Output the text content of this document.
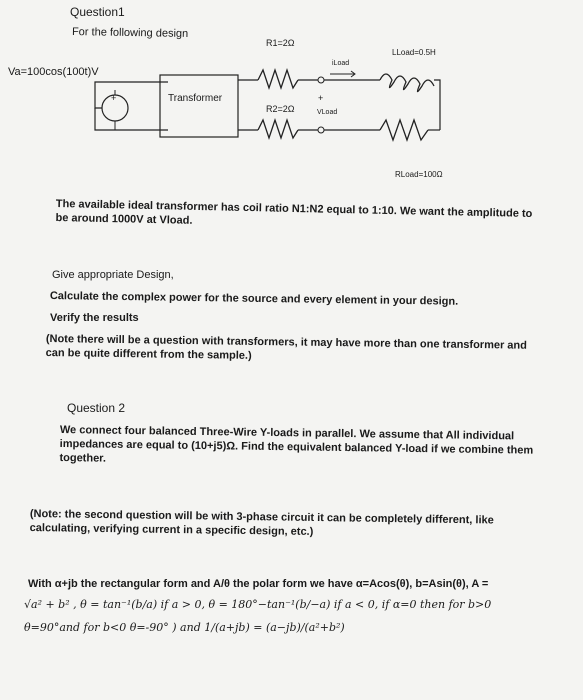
Question1
For the following design
Va=100cos(100t)V
+	Transformer
R1=2Ω
R2=2Ω
iLoad
+
VLoad
LLoad=0.5H
RLoad=100Ω
The available ideal transformer has coil ratio N1:N2 equal to 1:10. We want the amplitude to be around 1000V at Vload.
Give appropriate Design,
Calculate the complex power for the source and every element in your design.
Verify the results
(Note there will be a question with transformers, it may have more than one transformer and can be quite different from the sample.)
Question 2
We connect four balanced Three-Wire Y-loads in parallel. We assume that All individual impedances are equal to (10+j5)Ω. Find the equivalent balanced Y-load if we combine them together.
(Note: the second question will be with 3-phase circuit it can be completely different, like calculating, verifying current in a specific design, etc.)
With α+jb the rectangular form and A/θ the polar form we have α=Acos(θ), b=Asin(θ), A =
√a² + b² , θ = tan⁻¹(b/a) if a > 0, θ = 180°−tan⁻¹(b/−a) if a < 0, if α=0 then for b>0
θ=90°and for b<0 θ=-90° ) and 1/(a+jb) = (a−jb)/(a²+b²)
